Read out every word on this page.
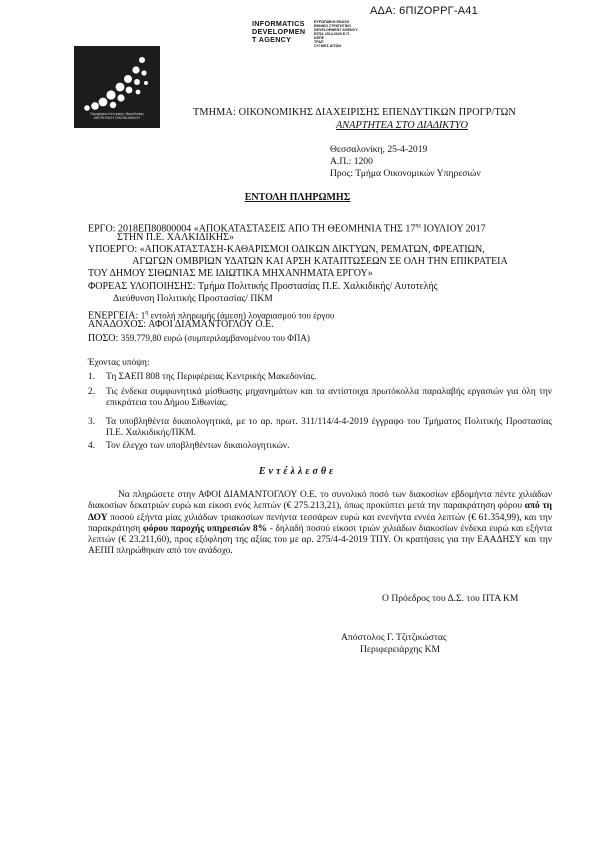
ΑΔΑ: 6ΠΙΖΟΡΡΓ-Α41
Περιφέρεια Κεντρικής Μακεδονίας
ΔΙΕΥΘΥΝΣΗ ΟΙΚΟΝΟΜΙΚΟΥ
INFORMATICS
DEVELOPMEN
T AGENCY
ΕΥΡΩΠΑΪΚΗ ΕΝΩΣΗ
ΕΘΝΙΚΟ ΣΤΡΑΤΗΓΙΚΟ
DEVELOPMENT AGENCY
ΕΣΠΑ 2014-2020 Ε.Π.
ΚΕΠΕ
ΤΡΑΠ
ΣΥΓΚΙΕΣ ΑΙΤΩΝ
ΤΜΗΜΑ: ΟΙΚΟΝΟΜΙΚΗΣ ΔΙΑΧΕΙΡΙΣΗΣ ΕΠΕΝΔΥΤΙΚΩΝ ΠΡΟΓΡ/ΤΩΝ
ΑΝΑΡΤΗΤΕΑ ΣΤΟ ΔΙΑΔΙΚΤΥΟ
Θεσσαλονίκη, 25-4-2019
Α.Π.: 1200
Προς: Τμήμα Οικονομικών Υπηρεσιών
ΕΝΤΟΛΗ ΠΛΗΡΩΜΗΣ
ΕΡΓΟ: 2018ΕΠ80800004 «ΑΠΟΚΑΤΑΣΤΑΣΕΙΣ ΑΠΟ ΤΗ ΘΕΟΜΗΝΙΑ ΤΗΣ $17^{\eta\varsigma}$ ΙΟΥΛΙΟΥ 2017
ΣΤΗΝ Π.Ε. ΧΑΛΚΙΔΙΚΗΣ»
ΥΠΟΕΡΓΟ: «ΑΠΟΚΑΤΑΣΤΑΣΗ-ΚΑΘΑΡΙΣΜΟΙ ΟΔΙΚΩΝ ΔΙΚΤΥΩΝ, ΡΕΜΑΤΩΝ, ΦΡΕΑΤΙΩΝ,
ΑΓΩΓΩΝ ΟΜΒΡΙΩΝ ΥΔΑΤΩΝ ΚΑΙ ΑΡΣΗ ΚΑΤΑΠΤΩΣΕΩΝ ΣΕ ΟΛΗ ΤΗΝ ΕΠΙΚΡΑΤΕΙΑ
ΤΟΥ ΔΗΜΟΥ ΣΙΘΩΝΙΑΣ ΜΕ ΙΔΙΩΤΙΚΑ ΜΗΧΑΝΗΜΑΤΑ ΕΡΓΟΥ»
ΦΟΡΕΑΣ ΥΛΟΠΟΙΗΣΗΣ: Τμήμα Πολιτικής Προστασίας Π.Ε. Χαλκιδικής/ Αυτοτελής
Διεύθυνση Πολιτικής Προστασίας/ ΠΚΜ
ΕΝΕΡΓΕΙΑ: $1^\eta$ εντολή πληρωμής (άμεση) λογαριασμού του έργου
ΑΝΑΔΟΧΟΣ: ΑΦΟΙ ΔΙΑΜΑΝΤΟΓΛΟΥ Ο.Ε.
ΠΟΣΟ: 359.779,80 ευρώ (συμπεριλαμβανομένου του ΦΠΑ)
Έχοντας υπόψη:
1. Τη ΣΑΕΠ 808 της Περιφέρειας Κεντρικής Μακεδονίας.
2. Τις ένδεκα συμφωνητικά μίσθωσης μηχανημάτων και τα αντίστοιχα πρωτόκολλα παραλαβής εργασιών για όλη την επικράτεια του Δήμου Σιθωνίας.
3. Τα υποβληθέντα δικαιολογητικά, με το αρ. πρωτ. 311/114/4-4-2019 έγγραφο του Τμήματος Πολιτικής Προστασίας Π.Ε. Χαλκιδικής/ΠΚΜ.
4. Τον έλεγχο των υποβληθέντων δικαιολογητικών.
Εντέλλεσθε
Να πληρώσετε στην ΑΦΟΙ ΔΙΑΜΑΝΤΟΓΛΟΥ Ο.Ε. το συνολικό ποσό των διακοσίων εβδομήντα πέντε χιλιάδων διακοσίων δεκατριών ευρώ και είκοσι ενός λεπτών (€ 275.213,21), όπως προκύπτει μετά την παρακράτηση φόρου από τη ΔΟΥ ποσού εξήντα μίας χιλιάδων τριακοσίων πενήντα τεσσάρων ευρώ και ενενήντα εννέα λεπτών (€ 61.354,99), και την παρακράτηση φόρου παροχής υπηρεσιών 8% - δηλαδή ποσού είκοσι τριών χιλιάδων διακοσίων ένδεκα ευρώ και εξήντα λεπτών (€ 23.211,60), προς εξόφληση της αξίας του με αρ. 275/4-4-2019 ΤΠΥ. Οι κρατήσεις για την ΕΑΑΔΗΣΥ και την ΑΕΠΠ πληρώθηκαν από τον ανάδοχο.
Ο Πρόεδρος του Δ.Σ. του ΠΤΑ ΚΜ
Απόστολος Γ. Τζιτζικώστας
Περιφερειάρχης ΚΜ
